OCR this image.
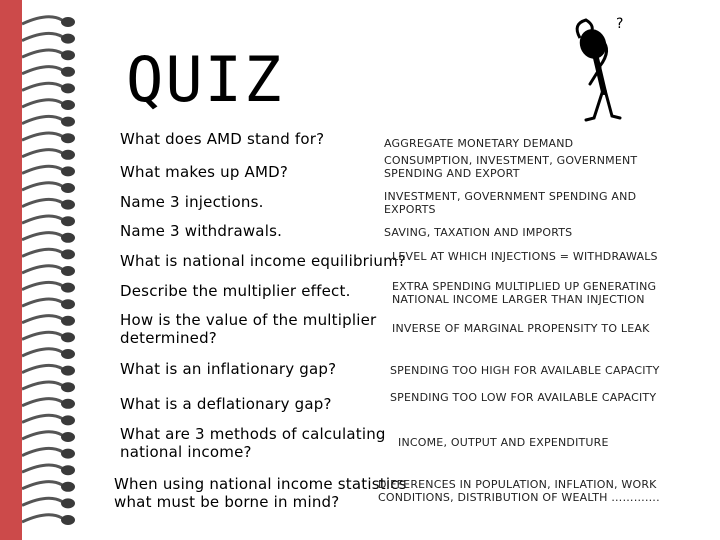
QUIZ
?
What does AMD stand for?	AGGREGATE MONETARY DEMAND
What makes up AMD?
CONSUMPTION, INVESTMENT, GOVERNMENT SPENDING AND EXPORT
Name 3 injections.	INVESTMENT, GOVERNMENT SPENDING AND EXPORTS
Name 3 withdrawals.	SAVING, TAXATION AND IMPORTS
What is national income equilibrium?
LEVEL AT WHICH INJECTIONS = WITHDRAWALS
Describe the multiplier effect.	EXTRA SPENDING MULTIPLIED UP GENERATING NATIONAL INCOME LARGER THAN INJECTION
How is the value of the multiplier determined?
INVERSE OF MARGINAL PROPENSITY TO LEAK
What is an inflationary gap?	SPENDING TOO HIGH FOR AVAILABLE CAPACITY
What is a deflationary gap?	SPENDING TOO LOW FOR AVAILABLE CAPACITY
What are 3 methods of calculating national income?
INCOME, OUTPUT AND EXPENDITURE
When using national income statistics what must be borne in mind?
DIFFERENCES IN POPULATION, INFLATION, WORK CONDITIONS, DISTRIBUTION OF WEALTH ………….
